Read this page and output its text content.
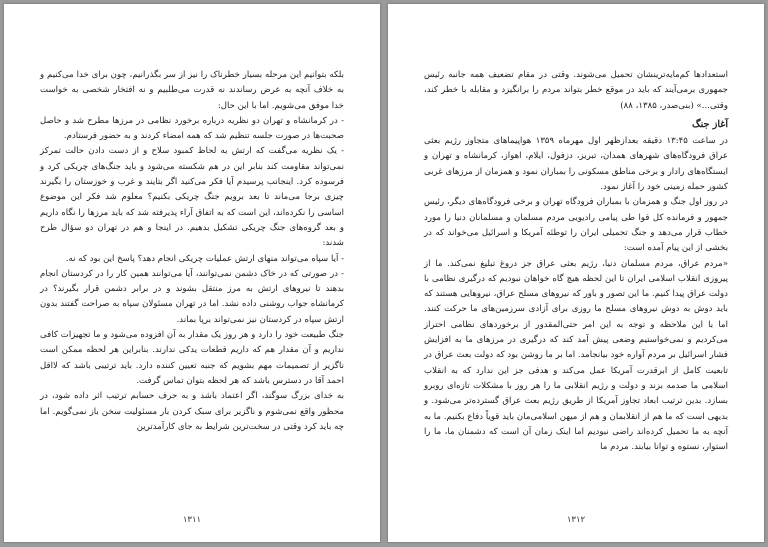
بلکه بتوانیم این مرحله بسیار خطرناک را نیز از سر بگذرانیم، چون برای خدا می‌کنیم و به خلاف آنچه به عرض رساندند نه قدرت می‌طلبیم و نه افتخار شخصی به خواست خدا موفق می‌شویم. اما با این حال:

- در کرمانشاه و تهران دو نظریه درباره برخورد نظامی در مرزها مطرح شد و حاصل صحبت‌ها در صورت جلسه تنظیم شد که همه امضاء کردند و به حضور فرستادم.

- یک نظریه می‌گفت که ارتش به لحاظ کمبود سلاح و از دست دادن حالت تمرکز نمی‌تواند مقاومت کند بنابر این در هم شکسته می‌شود و باید جنگ‌های چریکی کرد و فرسوده کرد. اینجانب پرسیدم آیا فکر می‌کنید اگر بتایند و غرب و خوزستان را بگیرند چیزی برجا می‌ماند تا بعد برویم جنگ چریکی بکنیم؟ معلوم شد فکر این موضوع اساسی را نکرده‌اند، این است که به اتفاق آراء پذیرفته شد که باید مرزها را نگاه داریم و بعد گروه‌های جنگ چریکی تشکیل بدهیم. در اینجا و هم در تهران دو سؤال طرح شدند:

- آیا سپاه می‌تواند منهای ارتش عملیات چریکی انجام دهد؟ پاسخ این بود که نه.

- در صورتی که در خاک دشمن نمی‌توانند، آیا می‌توانند همین کار را در کردستان انجام بدهند تا نیروهای ارتش به مرز منتقل بشوند و در برابر دشمن قرار بگیرند؟ در کرمانشاه جواب روشنی داده نشد. اما در تهران مسئولان سپاه به صراحت گفتند بدون ارتش سپاه در کردستان نیز نمی‌تواند برپا بماند.

جنگ طبیعت خود را دارد و هر روز یک مقدار به آن افزوده می‌شود و ما تجهیزات کافی نداریم و آن مقدار هم که داریم قطعات یدکی ندارند. بنابراین هر لحظه ممکن است ناگزیر از تصمیمات مهم بشویم که جنبه تعیین کننده دارد. باید ترتیبی باشد که لااقل احمد آقا در دسترس باشد که هر لحظه بتوان تماس گرفت.

به خدای بزرگ سوگند، اگر اعتماد باشد و به حرف حسابم ترتیب اثر داده شود، در محظور واقع نمی‌شوم و ناگزیر برای سبک کردن بار مسئولیت سخن باز نمی‌گویم. اما چه باید کرد وقتی در سخت‌ترین شرایط به جای کارآمدترین

۱۳۱۱

استعدادها کم‌مایه‌ترینشان تحمیل می‌شوند. وقتی در مقام تضعیف همه جانبه رئیس جمهوری برمی‌آیند که باید در موقع خطر بتواند مردم را برانگیزد و مقابله با خطر کند، وقتی...» (بنی‌صدر، ۱۳۸۵، ۸۸)

آغاز جنگ

در ساعت ۱۳:۴۵ دقیقه بعدازظهر اول مهرماه ۱۳۵۹ هواپیماهای متجاوز رژیم بعثی عراق فرودگاه‌های شهرهای همدان، تبریز، دزفول، ایلام، اهواز، کرمانشاه و تهران و ایستگاه‌های رادار و برخی مناطق مسکونی را بمباران نمود و همزمان از مرزهای غربی کشور حمله زمینی خود را آغاز نمود.

در روز اول جنگ و همزمان با بمباران فرودگاه تهران و برخی فرودگاه‌های دیگر، رئیس جمهور و فرمانده کل قوا طی پیامی رادیویی مردم مسلمان و مسلمانان دنیا را مورد خطاب قرار می‌دهد و جنگ تحمیلی ایران را توطئه آمریکا و اسرائیل می‌خواند که در بخشی از این پیام آمده است:

«مردم عراق، مردم مسلمان دنیا، رژیم بعثی عراق جز دروغ تبلیغ نمی‌کند. ما از پیروزی انقلاب اسلامی ایران تا این لحظه هیچ گاه خواهان نبودیم که درگیری نظامی با دولت عراق پیدا کنیم. ما این تصور و باور که نیروهای مسلح عراق، نیروهایی هستند که باید دوش به دوش نیروهای مسلح ما روزی برای آزادی سرزمین‌های ما حرکت کنند. اما با این ملاحظه و توجه به این امر حتی‌المقدور از برخوردهای نظامی احتراز می‌کردیم و نمی‌خواستیم وضعی پیش آمد کند که درگیری در مرزهای ما به افزایش فشار اسرائیل بر مردم آواره خود بیانجامد. اما بر ما روشن بود که دولت بعث عراق در تابعیت کامل از ابرقدرت آمریکا عمل می‌کند و هدفی جز این ندارد که به انقلاب اسلامی ما صدمه بزند و دولت و رژیم انقلابی ما را هر روز با مشکلات تازه‌ای روبرو بسازد. بدین ترتیب ابعاد تجاوز آمریکا از طریق رژیم بعث عراق گسترده‌تر می‌شود. و بدیهی است که ما هم از انقلابمان و هم از میهن اسلامی‌مان باید قویاً دفاع بکنیم. ما به آنچه به ما تحمیل کرده‌اند راضی نبودیم اما اینک زمان آن است که دشمنان ما، ما را استوار، نستوه و توانا بیابند. مردم ما

۱۳۱۲
